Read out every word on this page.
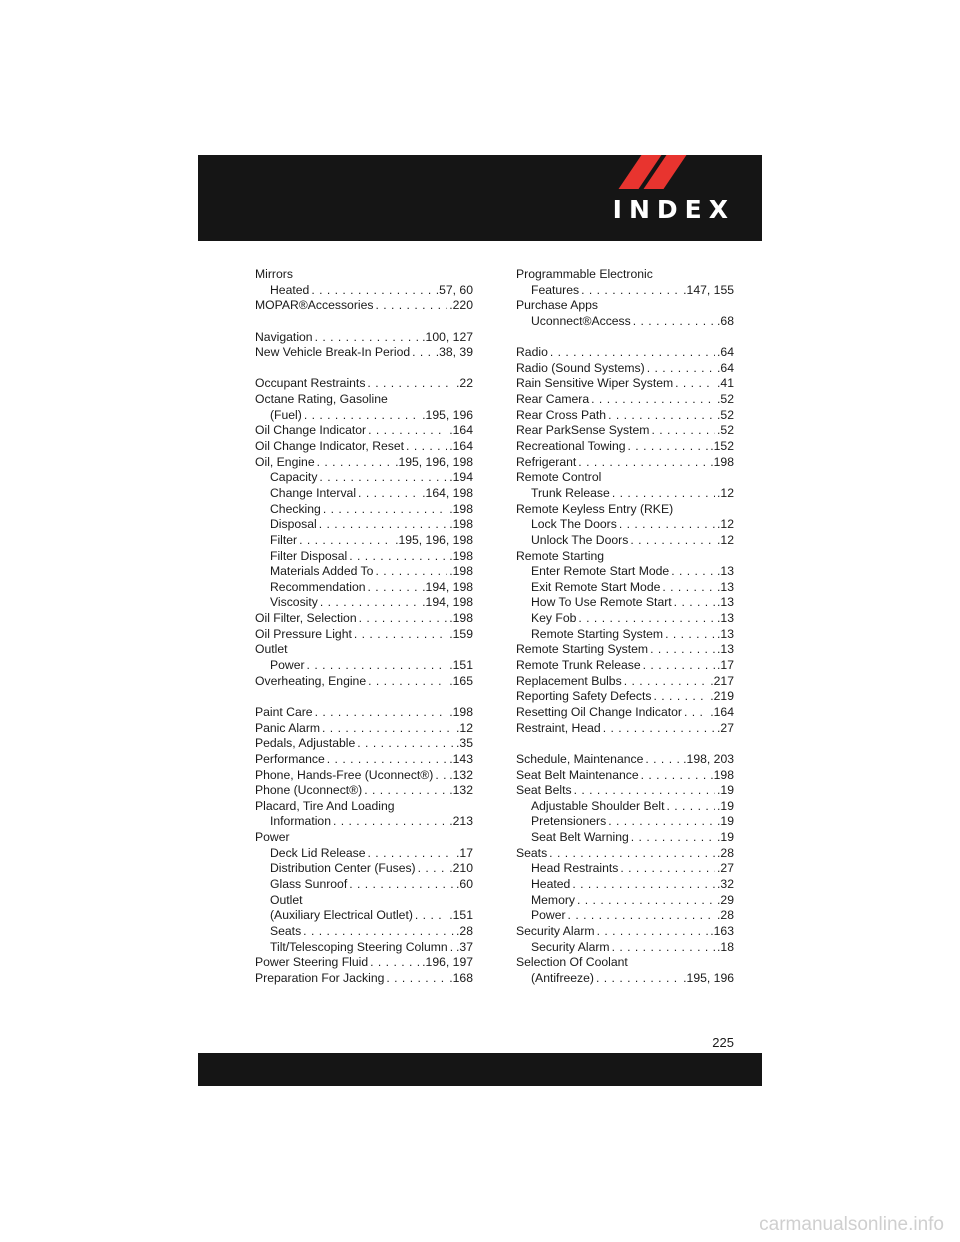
INDEX
Mirrors
Heated . . .	.57, 60
MOPAR®Accessories . . .	.220
Navigation . . .	.100, 127
New Vehicle Break-In Period . . . .38, 39
Occupant Restraints . . .	.22
Octane Rating, Gasoline
(Fuel) . . .	.195, 196
Oil Change Indicator . . .	.164
Oil Change Indicator, Reset . . .	.164
Oil, Engine . . .	.195, 196, 198
Capacity . . .	.194
Change Interval . . .	.164, 198
Checking . . .	.198
Disposal . . .	.198
Filter . . .	.195, 196, 198
Filter Disposal . . .	.198
Materials Added To . . .	.198
Recommendation . . .	.194, 198
Viscosity . . .	.194, 198
Oil Filter, Selection . . .	.198
Oil Pressure Light . . .	.159
Outlet
Power . . .	.151
Overheating, Engine . . .	.165
Paint Care . . .	.198
Panic Alarm . . .	.12
Pedals, Adjustable . . .	.35
Performance . . .	.143
Phone, Hands-Free (Uconnect®) . . . .132
Phone (Uconnect®) . . .	.132
Placard, Tire And Loading
Information . . .	.213
Power
Deck Lid Release . . .	.17
Distribution Center (Fuses) . . .	.210
Glass Sunroof . . .	.60
Outlet
(Auxiliary Electrical Outlet) . . .	.151
Seats . . .	.28
Tilt/Telescoping Steering Column . . . .37
Power Steering Fluid . . .	.196, 197
Preparation For Jacking . . .	.168
Programmable Electronic
Features . . .	.147, 155
Purchase Apps
Uconnect®Access . . .	.68
Radio . . .	.64
Radio (Sound Systems) . . .	.64
Rain Sensitive Wiper System . . .	.41
Rear Camera . . .	.52
Rear Cross Path . . .	.52
Rear ParkSense System . . .	.52
Recreational Towing . . .	.152
Refrigerant . . .	.198
Remote Control
Trunk Release . . .	.12
Remote Keyless Entry (RKE)
Lock The Doors . . .	.12
Unlock The Doors . . .	.12
Remote Starting
Enter Remote Start Mode . . .	.13
Exit Remote Start Mode . . .	.13
How To Use Remote Start . . .	.13
Key Fob . . .	.13
Remote Starting System . . .	.13
Remote Starting System . . .	.13
Remote Trunk Release . . .	.17
Replacement Bulbs . . .	.217
Reporting Safety Defects . . .	.219
Resetting Oil Change Indicator . . . .164
Restraint, Head . . .	.27
Schedule, Maintenance . . .	.198, 203
Seat Belt Maintenance . . .	.198
Seat Belts . . .	.19
Adjustable Shoulder Belt . . .	.19
Pretensioners . . .	.19
Seat Belt Warning . . .	.19
Seats . . .	.28
Head Restraints . . .	.27
Heated . . .	.32
Memory . . .	.29
Power . . .	.28
Security Alarm . . .	.163
Security Alarm . . .	.18
Selection Of Coolant
(Antifreeze) . . .	.195, 196
225
carmanualsonline.info
